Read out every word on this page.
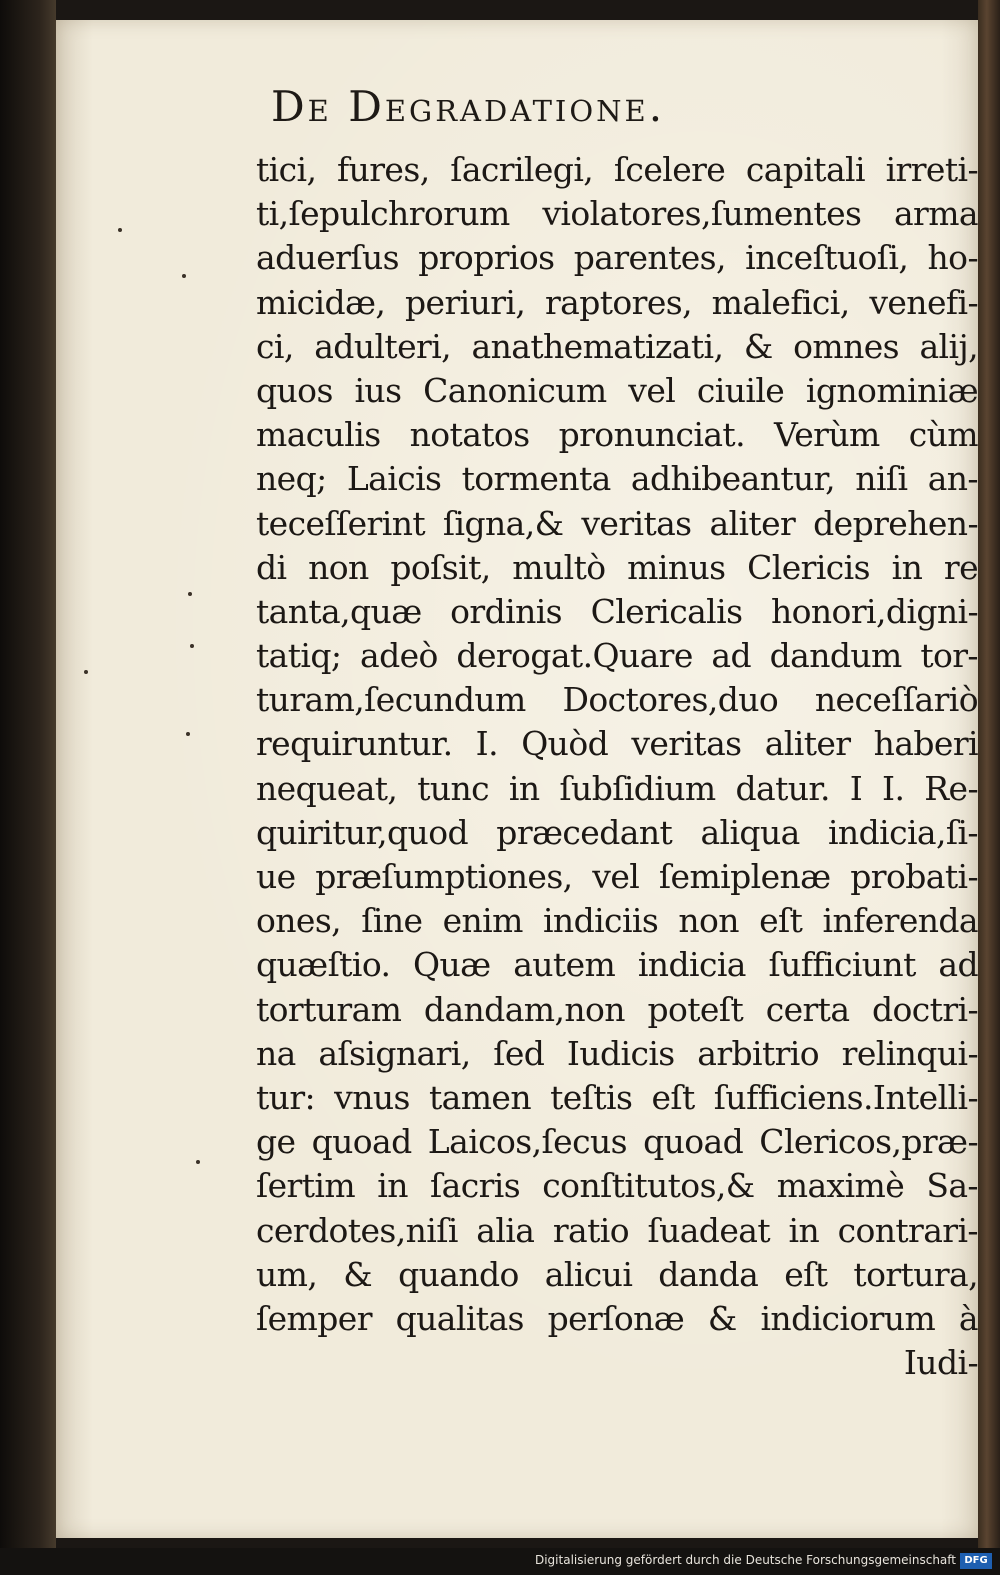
De Degradatione.
tici, fures, ſacrilegi, ſcelere capitali irreti-
ti,ſepulchrorum violatores,ſumentes arma
aduerſus proprios parentes, inceſtuoſi, ho-
micidæ, periuri, raptores, malefici, venefi-
ci, adulteri, anathematizati, & omnes alij,
quos ius Canonicum vel ciuile ignominiæ
maculis notatos pronunciat. Verùm cùm
neq; Laicis tormenta adhibeantur, niſi an-
teceſſerint ſigna,& veritas aliter deprehen-
di non poſsit, multò minus Clericis in re
tanta,quæ ordinis Clericalis honori,digni-
tatiq; adeò derogat.Quare ad dandum tor-
turam,ſecundum Doctores,duo neceſſariò
requiruntur. I. Quòd veritas aliter haberi
nequeat, tunc in ſubſidium datur. I I. Re-
quiritur,quod præcedant aliqua indicia,ſi-
ue præſumptiones, vel ſemiplenæ probati-
ones, ſine enim indiciis non eſt inferenda
quæſtio. Quæ autem indicia ſufficiunt ad
torturam dandam,non poteſt certa doctri-
na aſsignari, ſed Iudicis arbitrio relinqui-
tur: vnus tamen teſtis eſt ſufficiens.Intelli-
ge quoad Laicos,ſecus quoad Clericos,præ-
ſertim in ſacris conſtitutos,& maximè Sa-
cerdotes,niſi alia ratio ſuadeat in contrari-
um, & quando alicui danda eſt tortura,
ſemper qualitas perſonæ & indiciorum à
Iudi-
Digitalisierung gefördert durch die Deutsche Forschungsgemeinschaft DFG
